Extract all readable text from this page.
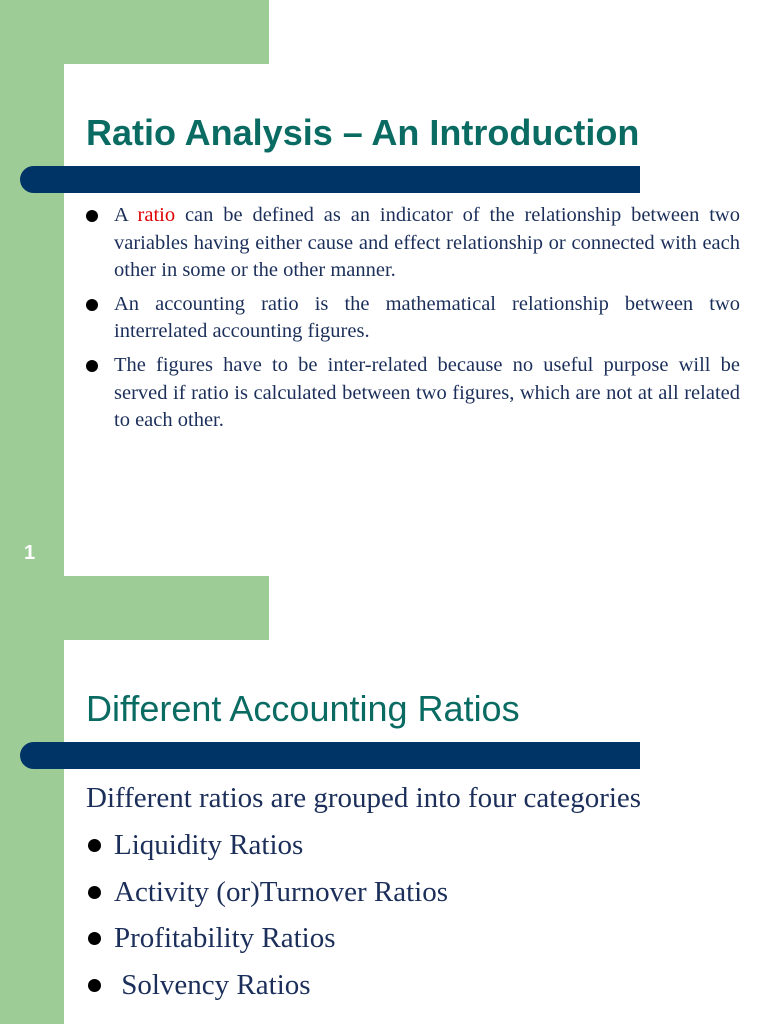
Ratio Analysis – An Introduction
A ratio can be defined as an indicator of the relationship between two variables having either cause and effect relationship or connected with each other in some or the other manner.
An accounting ratio is the mathematical relationship between two interrelated accounting figures.
The figures have to be inter-related because no useful purpose will be served if ratio is calculated between two figures, which are not at all related to each other.
1
Different Accounting Ratios

Different ratios are grouped into four categories

Liquidity Ratios
Activity (or)Turnover Ratios
Profitability Ratios
Solvency Ratios
